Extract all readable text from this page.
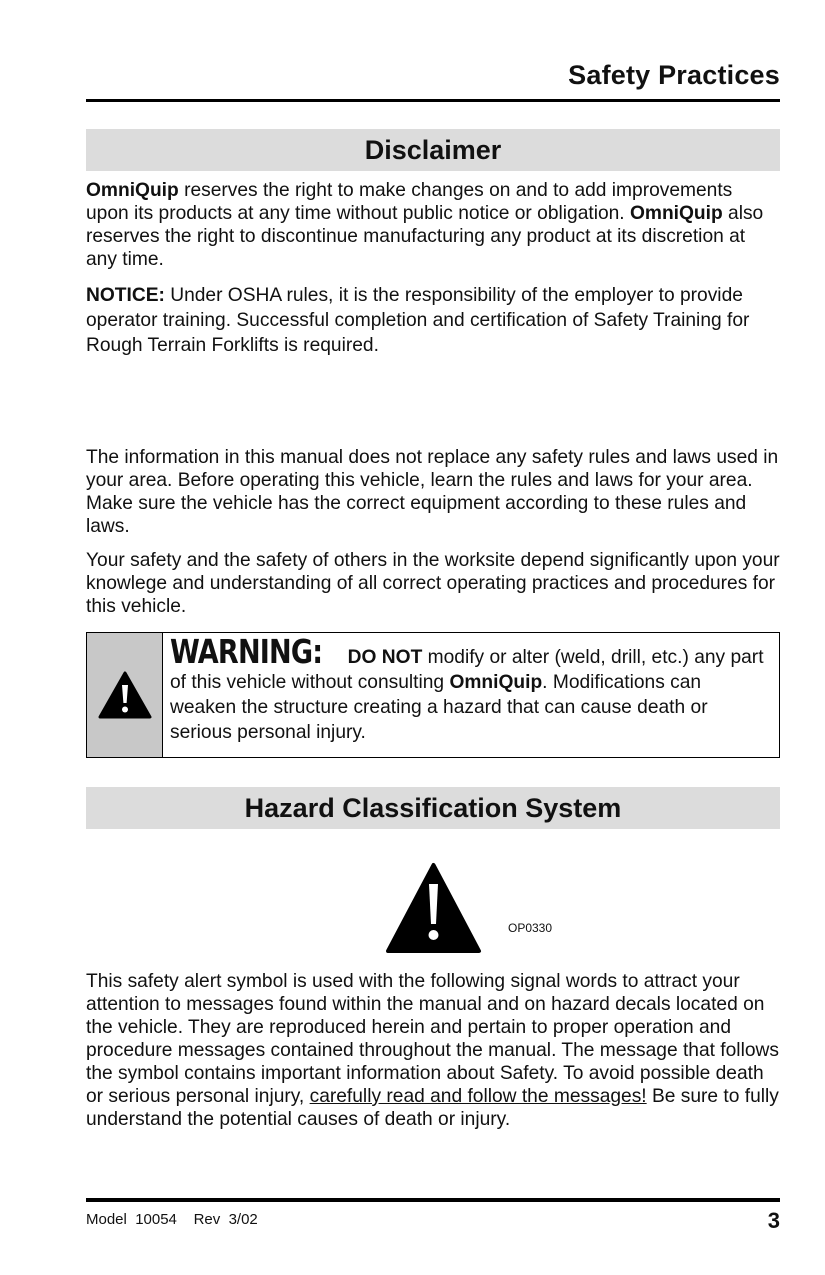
Safety Practices
Disclaimer

OmniQuip reserves the right to make changes on and to add improvements upon its products at any time without public notice or obligation. OmniQuip also reserves the right to discontinue manufacturing any product at its discretion at any time.

NOTICE: Under OSHA rules, it is the responsibility of the employer to provide operator training. Successful completion and certification of Safety Training for Rough Terrain Forklifts is required.

The information in this manual does not replace any safety rules and laws used in your area. Before operating this vehicle, learn the rules and laws for your area. Make sure the vehicle has the correct equipment according to these rules and laws.

Your safety and the safety of others in the worksite depend significantly upon your knowlege and understanding of all correct operating practices and procedures for this vehicle.

WARNING: DO NOT modify or alter (weld, drill, etc.) any part of this vehicle without consulting OmniQuip. Modifications can weaken the structure creating a hazard that can cause death or serious personal injury.
Hazard Classification System
OP0330

This safety alert symbol is used with the following signal words to attract your attention to messages found within the manual and on hazard decals located on the vehicle. They are reproduced herein and pertain to proper operation and procedure messages contained throughout the manual. The message that follows the symbol contains important information about Safety. To avoid possible death or serious personal injury, carefully read and follow the messages! Be sure to fully understand the potential causes of death or injury.

Model  10054    Rev  3/02	3
